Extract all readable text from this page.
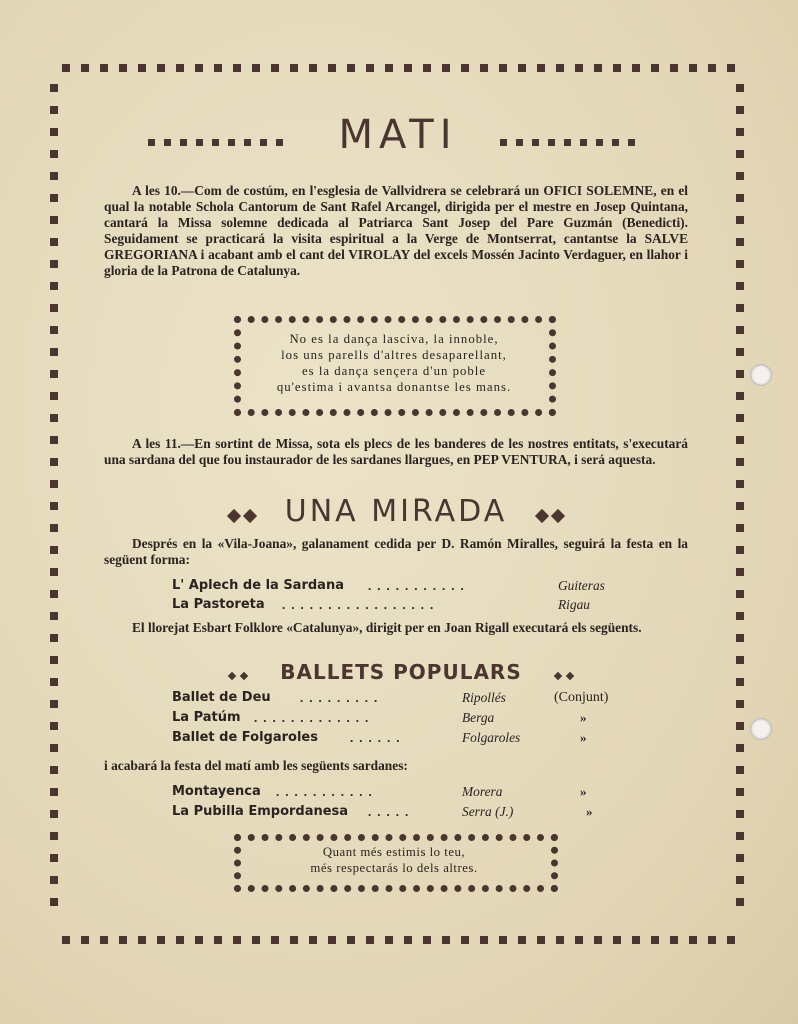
MATI
A les 10.—Com de costúm, en l'esglesia de Vallvidrera se celebrará un OFICI SOLEMNE, en el qual la notable Schola Cantorum de Sant Rafel Arcangel, dirigida per el mestre en Josep Quintana, cantará la Missa solemne dedicada al Patriarca Sant Josep del Pare Guzmán (Benedicti). Seguidament se practicará la visita espiritual a la Verge de Montserrat, cantantse la SALVE GREGORIANA i acabant amb el cant del VIROLAY del excels Mossén Jacinto Verdaguer, en llahor i gloria de la Patrona de Catalunya.
No es la dança lasciva, la innoble,
los uns parells d'altres desaparellant,
es la dança sençera d'un poble
qu'estima i avantsa donantse les mans.
A les 11.—En sortint de Missa, sota els plecs de les banderes de les nostres entitats, s'executará una sardana del que fou instaurador de les sardanes llargues, en PEP VENTURA, i será aquesta.
UNA MIRADA
Després en la «Vila-Joana», galanament cedida per D. Ramón Miralles, seguirá la festa en la següent forma:
L' Aplech de la Sardana ...........	Guiteras
La Pastoreta .................	Rigau
El llorejat Esbart Folklore «Catalunya», dirigit per en Joan Rigall executará els següents.
BALLETS POPULARS
Ballet de Deu .........	Ripollés	(Conjunt)
La Patúm .............	Berga	»
Ballet de Folgaroles ......	Folgaroles	»
i acabará la festa del matí amb les següents sardanes:
Montayenca ...........	Morera	»
La Pubilla Empordanesa .....	Serra (J.)	»
Quant més estimis lo teu,
més respectarás lo dels altres.
